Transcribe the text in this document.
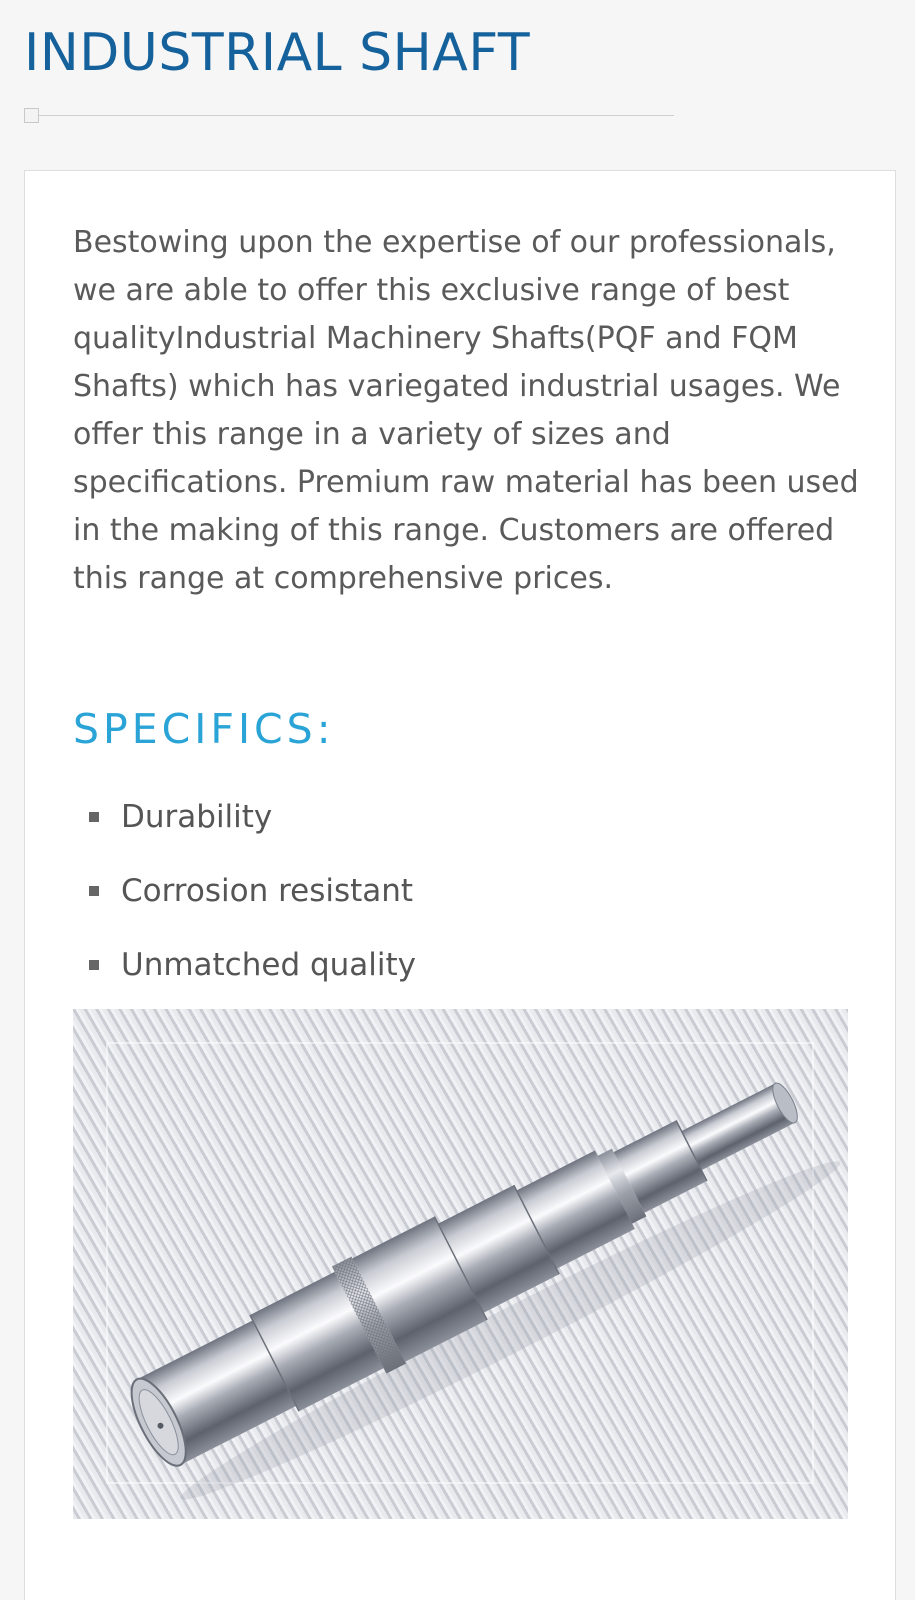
INDUSTRIAL SHAFT

Bestowing upon the expertise of our professionals, we are able to offer this exclusive range of best qualityIndustrial Machinery Shafts(PQF and FQM Shafts) which has variegated industrial usages. We offer this range in a variety of sizes and specifications. Premium raw material has been used in the making of this range. Customers are offered this range at comprehensive prices.

SPECIFICS:
Durability
Corrosion resistant
Unmatched quality
